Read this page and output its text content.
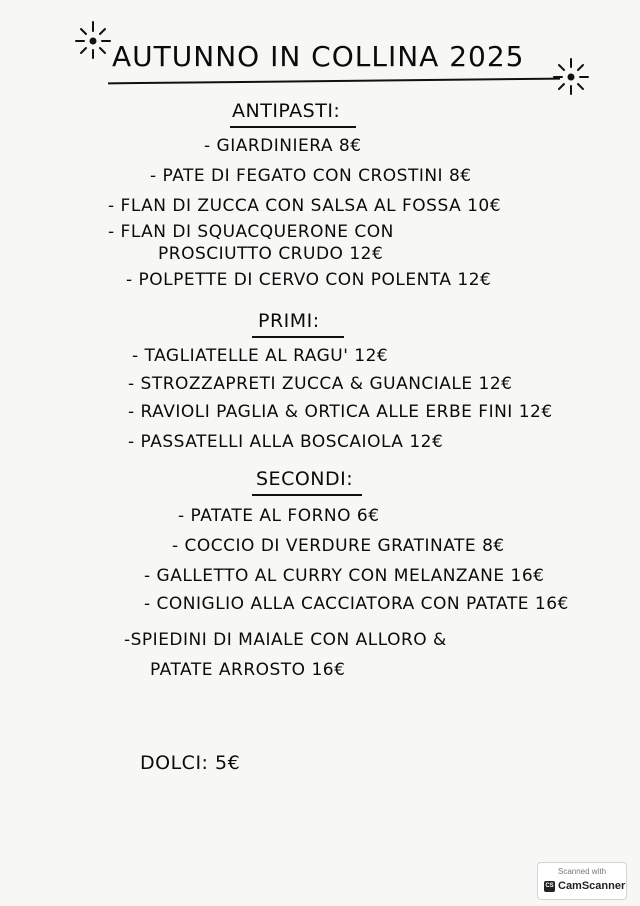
AUTUNNO IN COLLINA 2025
ANTIPASTI:
- GIARDINIERA 8€
- PATE DI FEGATO CON CROSTINI 8€
- FLAN DI ZUCCA CON SALSA AL FOSSA 10€
- FLAN DI SQUACQUERONE CON
PROSCIUTTO CRUDO 12€
- POLPETTE DI CERVO CON POLENTA 12€
PRIMI:
- TAGLIATELLE AL RAGU' 12€
- STROZZAPRETI ZUCCA & GUANCIALE 12€
- RAVIOLI PAGLIA & ORTICA ALLE ERBE FINI 12€
- PASSATELLI ALLA BOSCAIOLA 12€
SECONDI:
- PATATE AL FORNO 6€
- COCCIO DI VERDURE GRATINATE 8€
- GALLETTO AL CURRY CON MELANZANE 16€
- CONIGLIO ALLA CACCIATORA CON PATATE 16€
-SPIEDINI DI MAIALE CON ALLORO &
PATATE ARROSTO 16€
DOLCI: 5€
Scanned with
CS CamScanner
